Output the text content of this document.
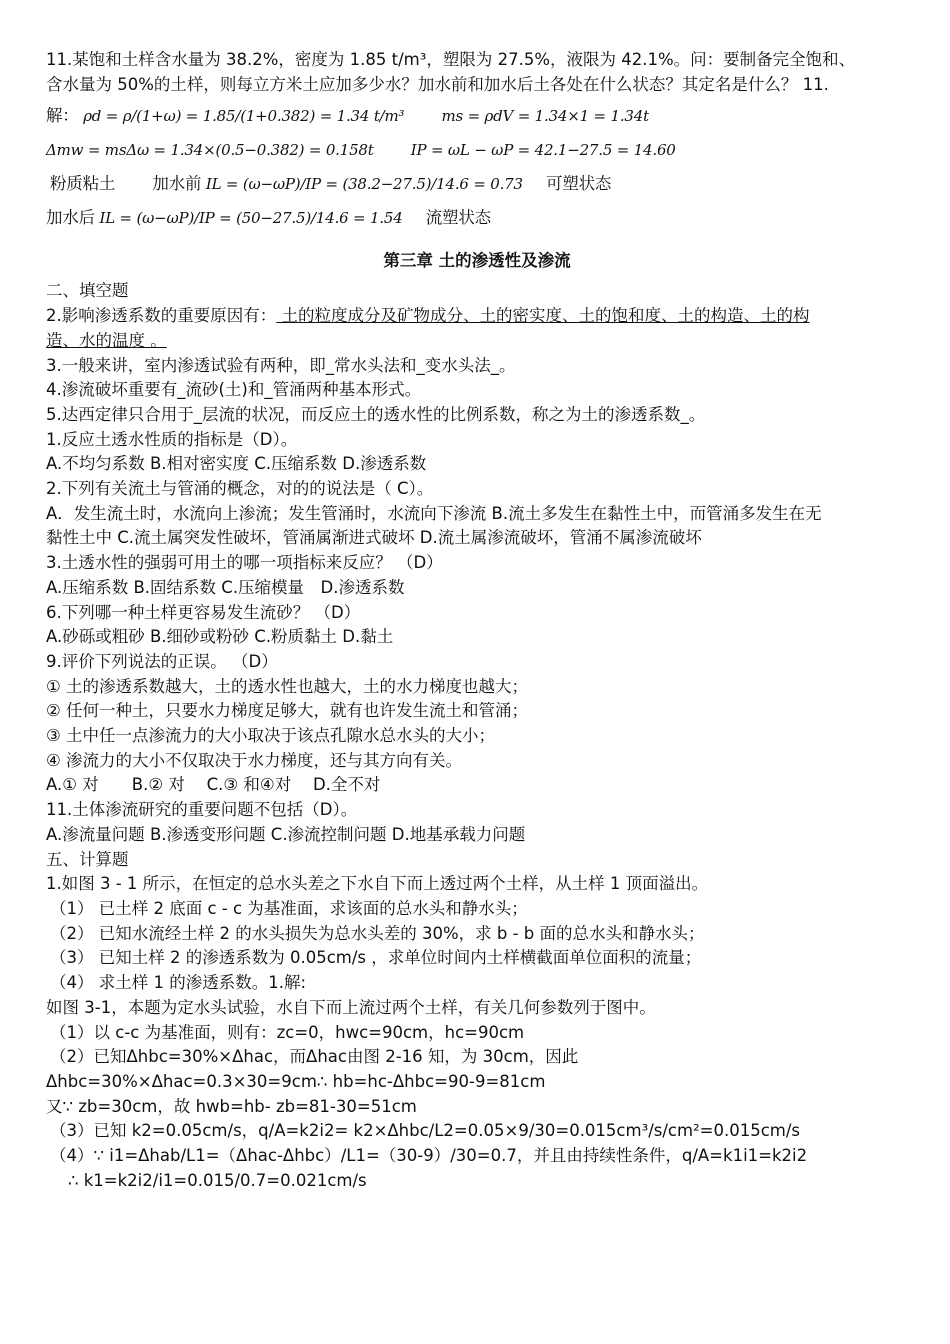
11.某饱和土样含水量为 38.2%，密度为 1.85 t/m³，塑限为 27.5%，液限为 42.1%。问：要制备完全饱和、
含水量为 50%的土样，则每立方米土应加多少水？加水前和加水后土各处在什么状态？其定名是什么？ 11.
解： ρd = ρ/(1+ω) = 1.85/(1+0.382) = 1.34 t/m³ ms = ρdV = 1.34×1 = 1.34t
Δmw = msΔω = 1.34×(0.5−0.382) = 0.158t IP = ωL − ωP = 42.1−27.5 = 14.60
粉质粘土 加水前 IL = (ω−ωP)/IP = (38.2−27.5)/14.6 = 0.73 可塑状态
加水后 IL = (ω−ωP)/IP = (50−27.5)/14.6 = 1.54 流塑状态
第三章 土的渗透性及渗流
二、填空题
2.影响渗透系数的重要原因有： 土的粒度成分及矿物成分、土的密实度、土的饱和度、土的构造、土的构
造、水的温度 。
3.一般来讲，室内渗透试验有两种，即_常水头法和_变水头法_。
4.渗流破坏重要有_流砂(土)和_管涌两种基本形式。
5.达西定律只合用于_层流的状况，而反应土的透水性的比例系数，称之为土的渗透系数_。
1.反应土透水性质的指标是（D）。
A.不均匀系数 B.相对密实度 C.压缩系数 D.渗透系数
2.下列有关流土与管涌的概念，对的的说法是（ C）。
A．发生流土时，水流向上渗流；发生管涌时，水流向下渗流 B.流土多发生在黏性土中，而管涌多发生在无
黏性土中 C.流土属突发性破坏，管涌属渐进式破坏 D.流土属渗流破坏，管涌不属渗流破坏
3.土透水性的强弱可用土的哪一项指标来反应？ （D）
A.压缩系数 B.固结系数 C.压缩模量　D.渗透系数
6.下列哪一种土样更容易发生流砂？ （D）
A.砂砾或粗砂 B.细砂或粉砂 C.粉质黏土 D.黏土
9.评价下列说法的正误。 （D）
① 土的渗透系数越大，土的透水性也越大，土的水力梯度也越大；
② 任何一种土，只要水力梯度足够大，就有也许发生流土和管涌；
③ 土中任一点渗流力的大小取决于该点孔隙水总水头的大小；
④ 渗流力的大小不仅取决于水力梯度，还与其方向有关。
A.① 对　　B.② 对　 C.③ 和④对　 D.全不对
11.土体渗流研究的重要问题不包括（D）。
A.渗流量问题 B.渗透变形问题 C.渗流控制问题 D.地基承载力问题
五、计算题
1.如图 3 - 1 所示，在恒定的总水头差之下水自下而上透过两个土样，从土样 1 顶面溢出。
（1） 已土样 2 底面 c - c 为基准面，求该面的总水头和静水头；
（2） 已知水流经土样 2 的水头损失为总水头差的 30%，求 b - b 面的总水头和静水头；
（3） 已知土样 2 的渗透系数为 0.05cm/s ，求单位时间内土样横截面单位面积的流量；
（4） 求土样 1 的渗透系数。1.解:
如图 3-1，本题为定水头试验，水自下而上流过两个土样，有关几何参数列于图中。
（1）以 c-c 为基准面，则有：zc=0，hwc=90cm，hc=90cm
（2）已知Δhbc=30%×Δhac，而Δhac由图 2-16 知，为 30cm，因此
Δhbc=30%×Δhac=0.3×30=9cm∴ hb=hc-Δhbc=90-9=81cm
又∵ zb=30cm，故 hwb=hb- zb=81-30=51cm
（3）已知 k2=0.05cm/s，q/A=k2i2= k2×Δhbc/L2=0.05×9/30=0.015cm³/s/cm²=0.015cm/s
（4）∵ i1=Δhab/L1=（Δhac-Δhbc）/L1=（30-9）/30=0.7，并且由持续性条件，q/A=k1i1=k2i2
∴ k1=k2i2/i1=0.015/0.7=0.021cm/s
